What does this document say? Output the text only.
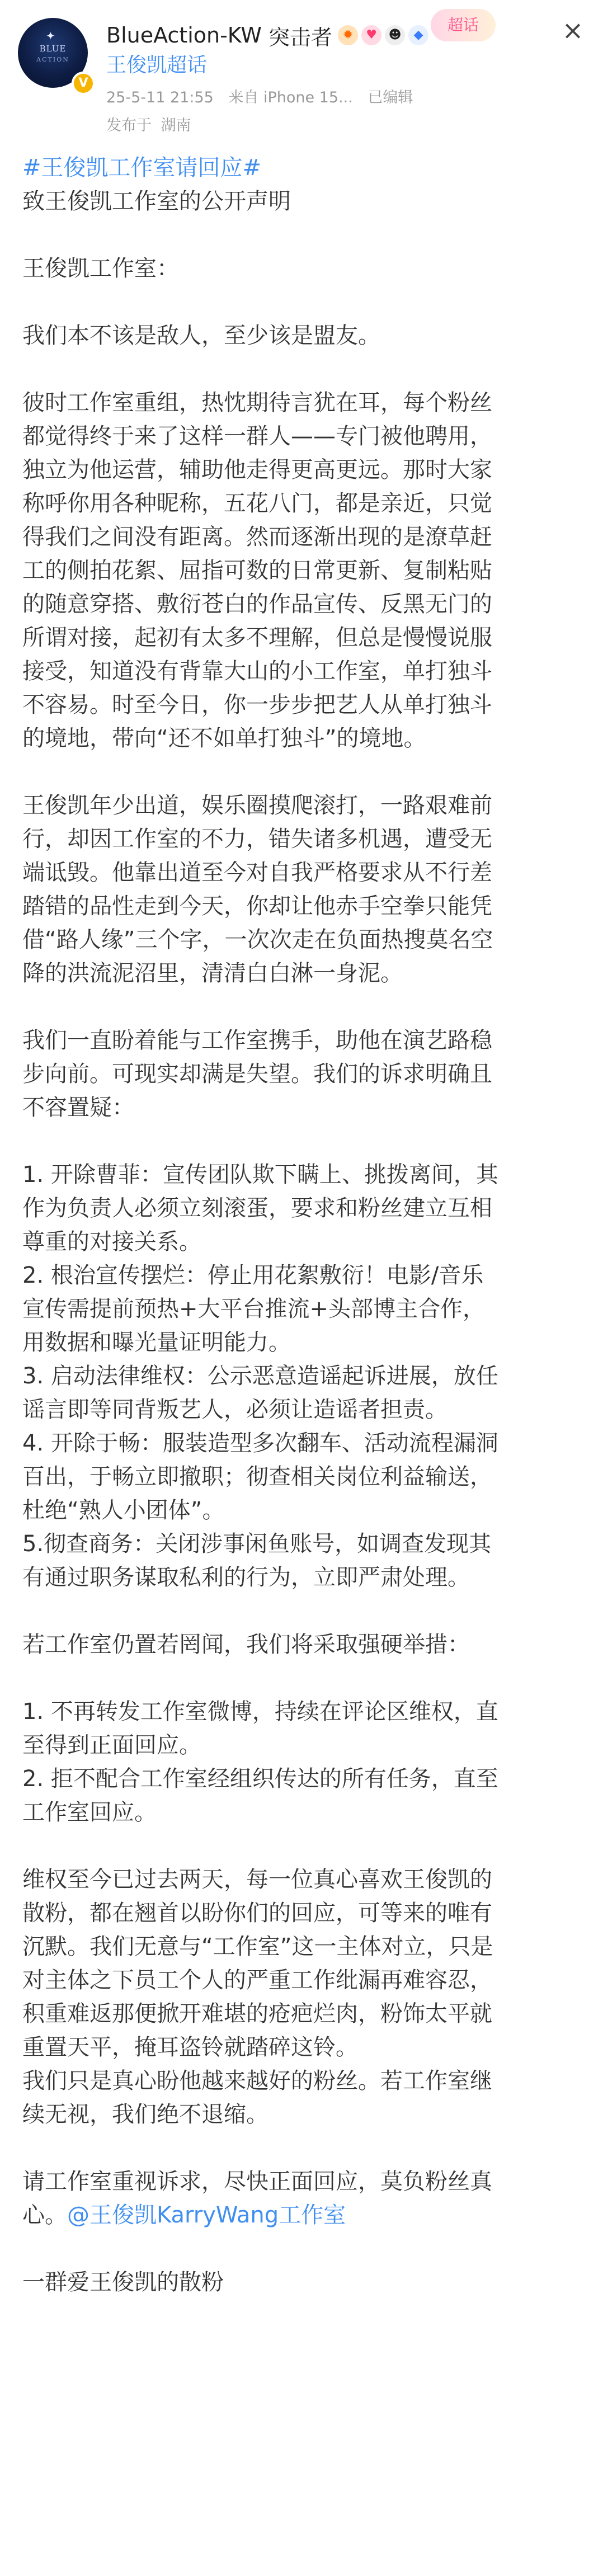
✦
BLUE
ACTION
V
BlueAction-KW 突击者 ✹	♥ ☻	◆
超话	×
王俊凯超话
25-5-11 21:55 来自 iPhone 15... 已编辑
发布于 湖南
#王俊凯工作室请回应#

致王俊凯工作室的公开声明

王俊凯工作室：

我们本不该是敌人，至少该是盟友。

彼时工作室重组，热忱期待言犹在耳，每个粉丝

都觉得终于来了这样一群人——专门被他聘用，

独立为他运营，辅助他走得更高更远。那时大家

称呼你用各种昵称，五花八门，都是亲近，只觉

得我们之间没有距离。然而逐渐出现的是潦草赶

工的侧拍花絮、屈指可数的日常更新、复制粘贴

的随意穿搭、敷衍苍白的作品宣传、反黑无门的

所谓对接，起初有太多不理解，但总是慢慢说服

接受，知道没有背靠大山的小工作室，单打独斗

不容易。时至今日，你一步步把艺人从单打独斗

的境地，带向“还不如单打独斗”的境地。

王俊凯年少出道，娱乐圈摸爬滚打，一路艰难前

行，却因工作室的不力，错失诸多机遇，遭受无

端诋毁。他靠出道至今对自我严格要求从不行差

踏错的品性走到今天，你却让他赤手空拳只能凭

借“路人缘”三个字，一次次走在负面热搜莫名空

降的洪流泥沼里，清清白白淋一身泥。

我们一直盼着能与工作室携手，助他在演艺路稳

步向前。可现实却满是失望。我们的诉求明确且

不容置疑：

1. 开除曹菲：宣传团队欺下瞒上、挑拨离间，其

作为负责人必须立刻滚蛋，要求和粉丝建立互相

尊重的对接关系。

2. 根治宣传摆烂：停止用花絮敷衍！电影/音乐

宣传需提前预热+大平台推流+头部博主合作，

用数据和曝光量证明能力。

3. 启动法律维权：公示恶意造谣起诉进展，放任

谣言即等同背叛艺人，必须让造谣者担责。

4. 开除于畅：服装造型多次翻车、活动流程漏洞

百出，于畅立即撤职；彻查相关岗位利益输送，

杜绝“熟人小团体”。

5.彻查商务：关闭涉事闲鱼账号，如调查发现其

有通过职务谋取私利的行为，立即严肃处理。

若工作室仍置若罔闻，我们将采取强硬举措：

1. 不再转发工作室微博，持续在评论区维权，直

至得到正面回应。

2. 拒不配合工作室经组织传达的所有任务，直至

工作室回应。

维权至今已过去两天，每一位真心喜欢王俊凯的

散粉，都在翘首以盼你们的回应，可等来的唯有

沉默。我们无意与“工作室”这一主体对立，只是

对主体之下员工个人的严重工作纰漏再难容忍，

积重难返那便掀开难堪的疮疤烂肉，粉饰太平就

重置天平，掩耳盗铃就踏碎这铃。

我们只是真心盼他越来越好的粉丝。若工作室继

续无视，我们绝不退缩。

请工作室重视诉求，尽快正面回应，莫负粉丝真

心。@王俊凯KarryWang工作室

一群爱王俊凯的散粉
